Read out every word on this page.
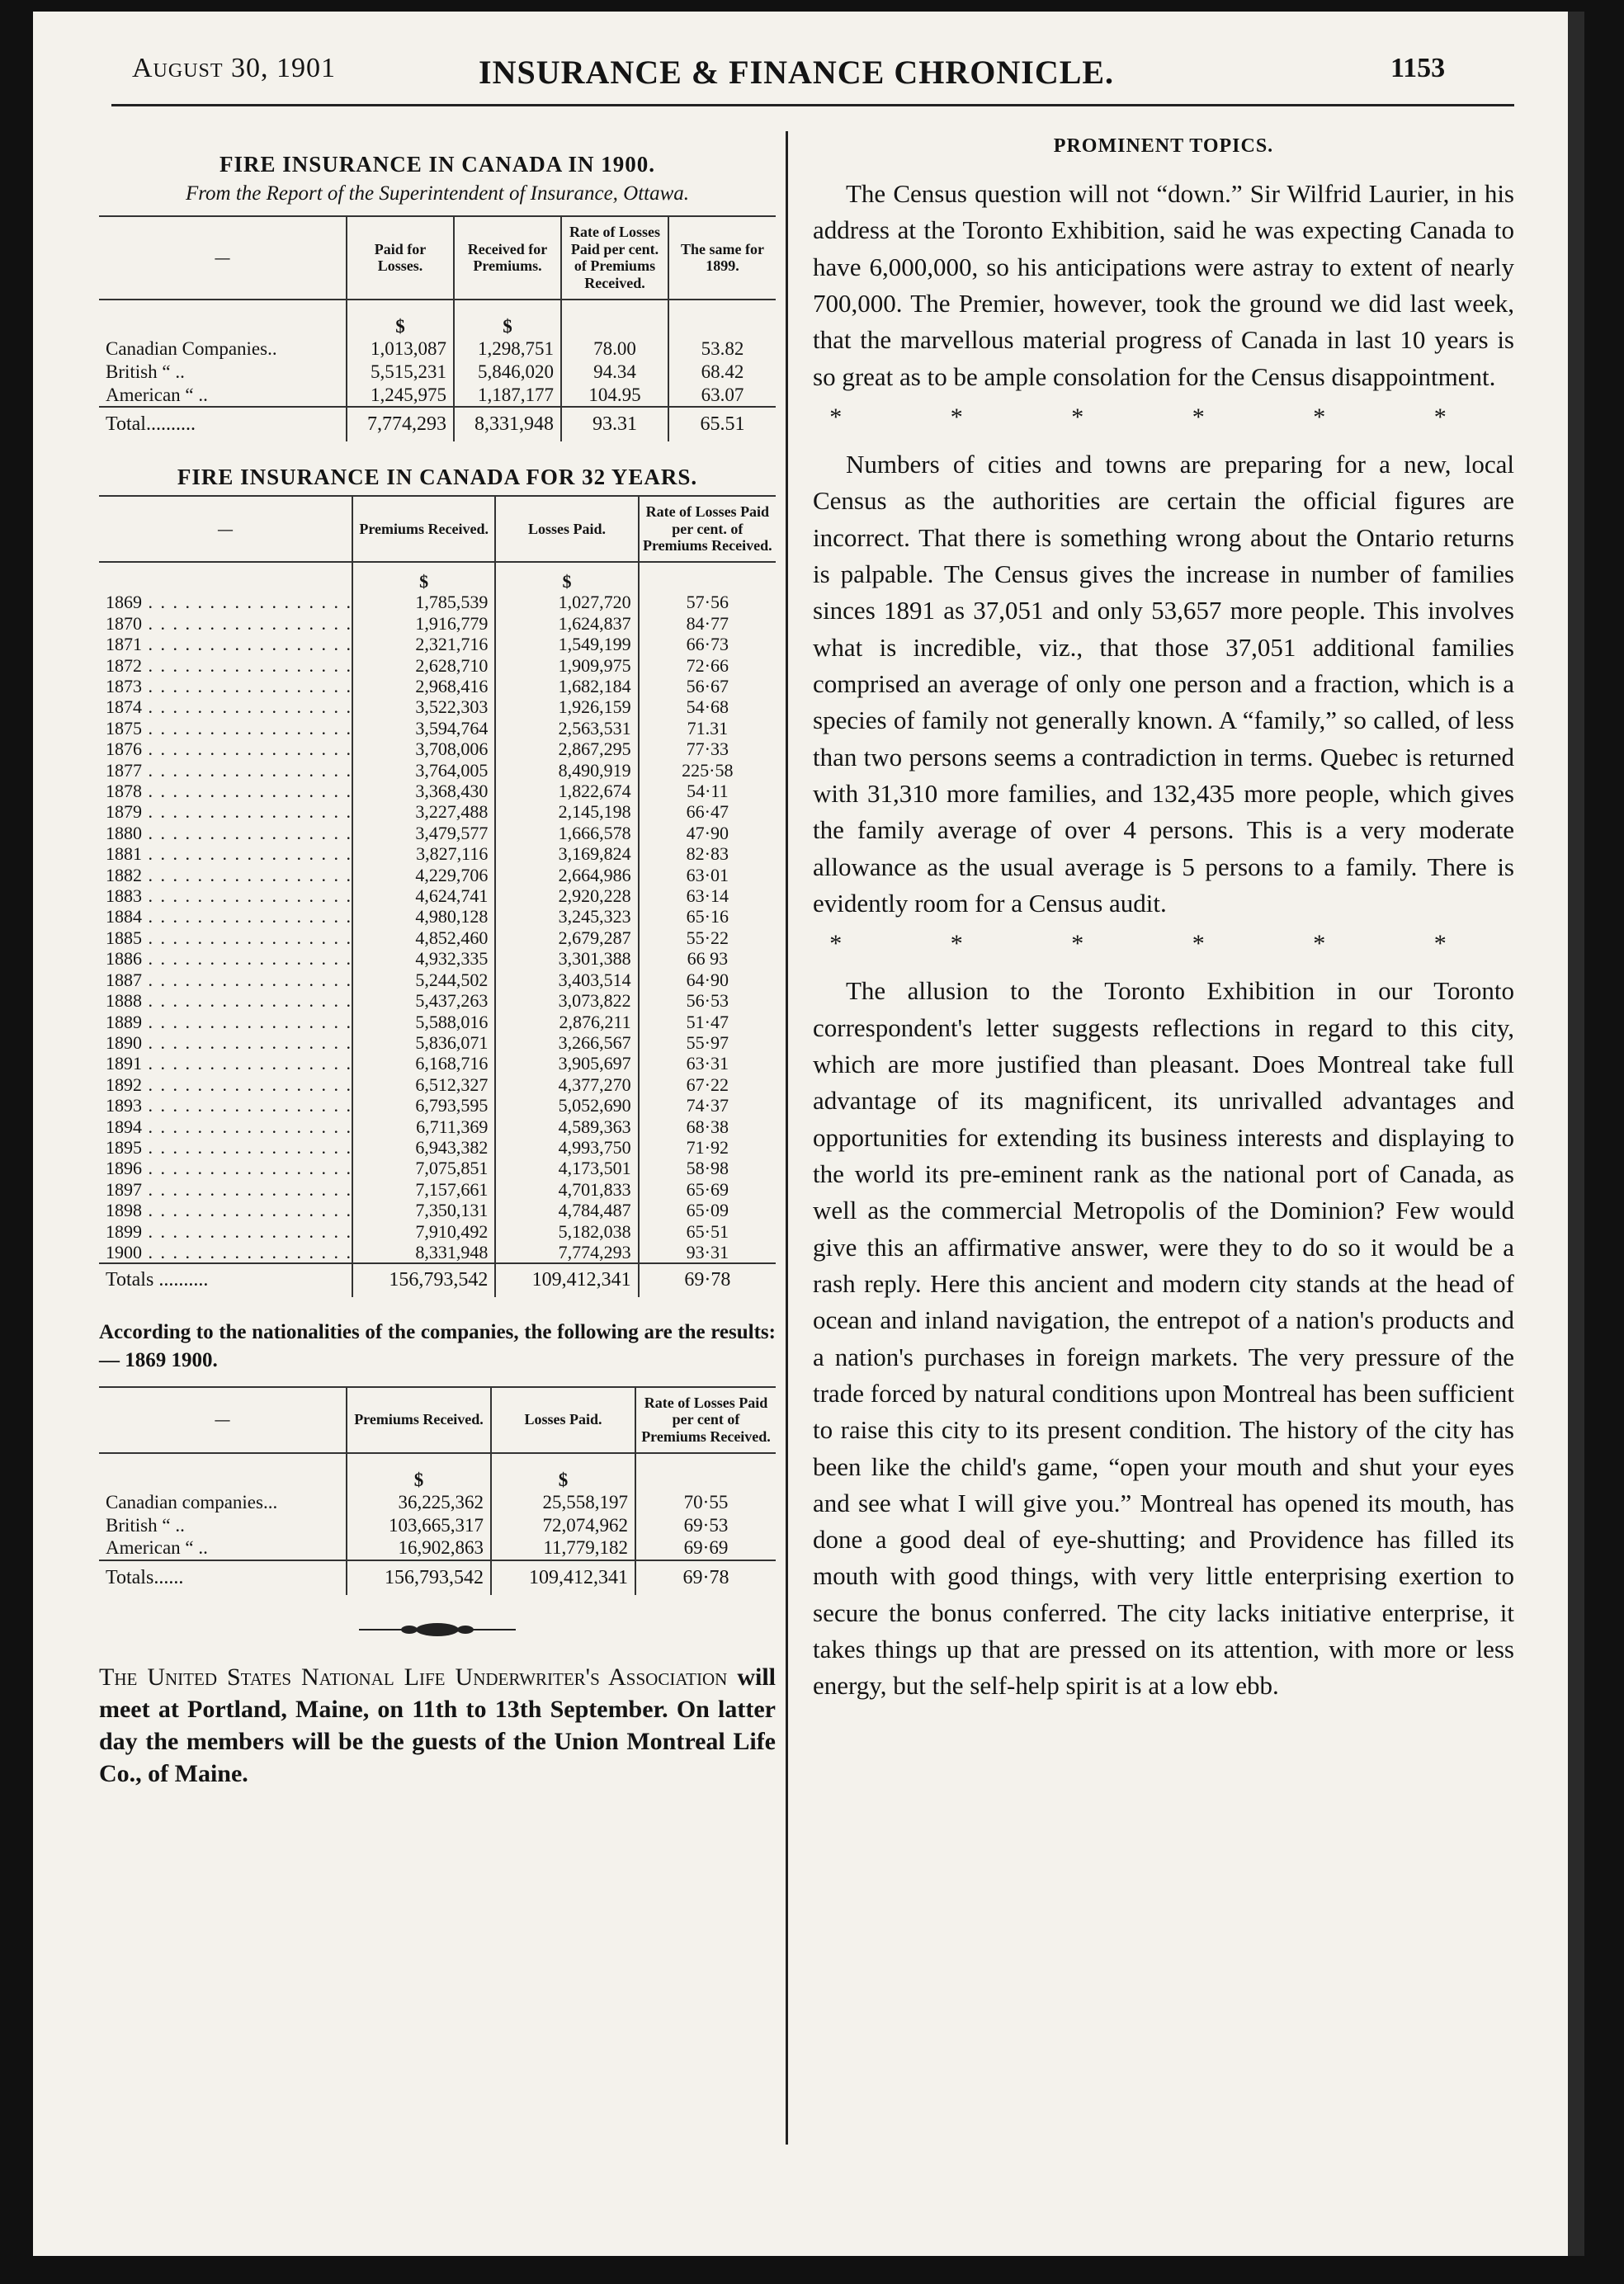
August 30, 1901	INSURANCE & FINANCE CHRONICLE.	1153
FIRE INSURANCE IN CANADA IN 1900.
From the Report of the Superintendent of Insurance, Ottawa.
—	Paid for Losses.	Received for Premiums.	Rate of Losses Paid per cent. of Premiums Received.	The same for 1899.
	$	$		
Canadian Companies..	1,013,087	1,298,751	78.00	53.82
British “ ..	5,515,231	5,846,020	94.34	68.42
American “ ..	1,245,975	1,187,177	104.95	63.07
Total..........	7,774,293	8,331,948	93.31	65.51
FIRE INSURANCE IN CANADA FOR 32 YEARS.
—	Premiums Received.	Losses Paid.	Rate of Losses Paid per cent. of Premiums Received.
	$	$	
1869 . . .	1,785,539	1,027,720	57·56
1870 . . .	1,916,779	1,624,837	84·77
1871 . . .	2,321,716	1,549,199	66·73
1872 . . .	2,628,710	1,909,975	72·66
1873 . . .	2,968,416	1,682,184	56·67
1874 . . .	3,522,303	1,926,159	54·68
1875 . . .	3,594,764	2,563,531	71.31
1876 . . .	3,708,006	2,867,295	77·33
1877 . . .	3,764,005	8,490,919	225·58
1878 . . .	3,368,430	1,822,674	54·11
1879 . . .	3,227,488	2,145,198	66·47
1880 . . .	3,479,577	1,666,578	47·90
1881 . . .	3,827,116	3,169,824	82·83
1882 . . .	4,229,706	2,664,986	63·01
1883 . . .	4,624,741	2,920,228	63·14
1884 . . .	4,980,128	3,245,323	65·16
1885 . . .	4,852,460	2,679,287	55·22
1886 . . .	4,932,335	3,301,388	66 93
1887 . . .	5,244,502	3,403,514	64·90
1888 . . .	5,437,263	3,073,822	56·53
1889 . . .	5,588,016	2,876,211	51·47
1890 . . .	5,836,071	3,266,567	55·97
1891 . . .	6,168,716	3,905,697	63·31
1892 . . .	6,512,327	4,377,270	67·22
1893 . . .	6,793,595	5,052,690	74·37
1894 . . .	6,711,369	4,589,363	68·38
1895 . . .	6,943,382	4,993,750	71·92
1896 . . .	7,075,851	4,173,501	58·98
1897 . . .	7,157,661	4,701,833	65·69
1898 . . .	7,350,131	4,784,487	65·09
1899 . . .	7,910,492	5,182,038	65·51
1900 . . .	8,331,948	7,774,293	93·31
Totals ..........	156,793,542	109,412,341	69·78
According to the nationalities of the companies, the following are the results:— 1869 1900.
—	Premiums Received.	Losses Paid.	Rate of Losses Paid per cent of Premiums Received.
	$	$	
Canadian companies...	36,225,362	25,558,197	70·55
British “ ..	103,665,317	72,074,962	69·53
American “ ..	16,902,863	11,779,182	69·69
Totals......	156,793,542	109,412,341	69·78
The United States National Life Underwriter's Association will meet at Portland, Maine, on 11th to 13th September. On latter day the members will be the guests of the Union Montreal Life Co., of Maine.
PROMINENT TOPICS.

The Census question will not “down.” Sir Wilfrid Laurier, in his address at the Toronto Exhibition, said he was expecting Canada to have 6,000,000, so his anticipations were astray to extent of nearly 700,000. The Premier, however, took the ground we did last week, that the marvellous material progress of Canada in last 10 years is so great as to be ample consolation for the Census disappointment.

* * * * * *

Numbers of cities and towns are preparing for a new, local Census as the authorities are certain the official figures are incorrect. That there is something wrong about the Ontario returns is palpable. The Census gives the increase in number of families sinces 1891 as 37,051 and only 53,657 more people. This involves what is incredible, viz., that those 37,051 additional families comprised an average of only one person and a fraction, which is a species of family not generally known. A “family,” so called, of less than two persons seems a contradiction in terms. Quebec is returned with 31,310 more families, and 132,435 more people, which gives the family average of over 4 persons. This is a very moderate allowance as the usual average is 5 persons to a family. There is evidently room for a Census audit.

* * * * * *

The allusion to the Toronto Exhibition in our Toronto correspondent's letter suggests reflections in regard to this city, which are more justified than pleasant. Does Montreal take full advantage of its magnificent, its unrivalled advantages and opportunities for extending its business interests and displaying to the world its pre-eminent rank as the national port of Canada, as well as the commercial Metropolis of the Dominion? Few would give this an affirmative answer, were they to do so it would be a rash reply. Here this ancient and modern city stands at the head of ocean and inland navigation, the entrepot of a nation's products and a nation's purchases in foreign markets. The very pressure of the trade forced by natural conditions upon Montreal has been sufficient to raise this city to its present condition. The history of the city has been like the child's game, “open your mouth and shut your eyes and see what I will give you.” Montreal has opened its mouth, has done a good deal of eye-shutting; and Providence has filled its mouth with good things, with very little enterprising exertion to secure the bonus conferred. The city lacks initiative enterprise, it takes things up that are pressed on its attention, with more or less energy, but the self-help spirit is at a low ebb.
